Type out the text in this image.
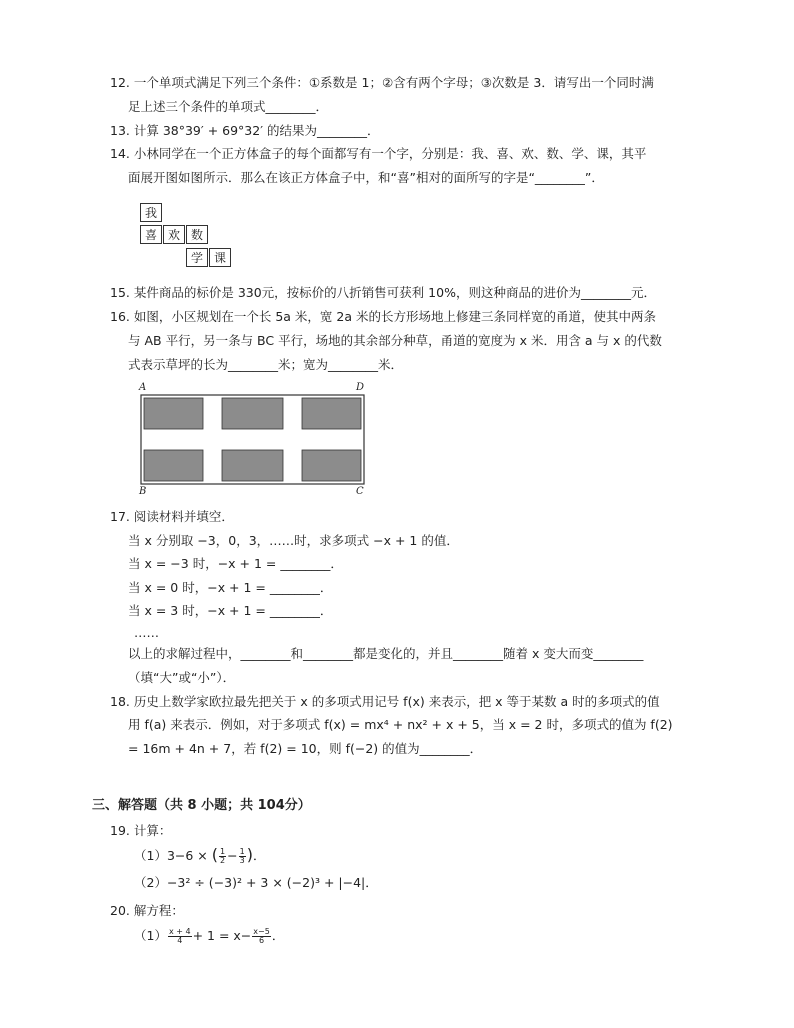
12. 一个单项式满足下列三个条件：①系数是 1；②含有两个字母；③次数是 3．请写出一个同时满
足上述三个条件的单项式________．
13. 计算 38°39′ + 69°32′ 的结果为________．
14. 小林同学在一个正方体盒子的每个面都写有一个字，分别是：我、喜、欢、数、学、课，其平
面展开图如图所示．那么在该正方体盒子中，和“喜”相对的面所写的字是“________”．
我
喜 欢 数
学 课
15. 某件商品的标价是 330元，按标价的八折销售可获利 10%，则这种商品的进价为________元．
16. 如图，小区规划在一个长 5a 米，宽 2a 米的长方形场地上修建三条同样宽的甬道，使其中两条
与 AB 平行，另一条与 BC 平行，场地的其余部分种草，甬道的宽度为 x 米．用含 a 与 x 的代数
式表示草坪的长为________米；宽为________米．
A	D
B	C
17. 阅读材料并填空．
当 x 分别取 −3，0，3，……时，求多项式 −x + 1 的值．
当 x = −3 时，−x + 1 = ________．
当 x = 0 时，−x + 1 = ________．
当 x = 3 时，−x + 1 = ________．
……
以上的求解过程中，________和________都是变化的，并且________随着 x 变大而变________
（填“大”或“小”）．
18. 历史上数学家欧拉最先把关于 x 的多项式用记号 f(x) 来表示，把 x 等于某数 a 时的多项式的值
用 f(a) 来表示．例如，对于多项式 f(x) = mx⁴ + nx² + x + 5，当 x = 2 时，多项式的值为 f(2)
= 16m + 4n + 7，若 f(2) = 10，则 f(−2) 的值为________．
三、解答题（共 8 小题；共 104分）
19. 计算：
（1）3−6 × ( $\frac{1}{2} - \frac{1}{3}$ )．
（2）−3² ÷ (−3)² + 3 × (−2)³ + |−4|．
20. 解方程：
$(1) \frac{x + 4}{4} + 1 = x- \frac{x-5}{6}$ ．
